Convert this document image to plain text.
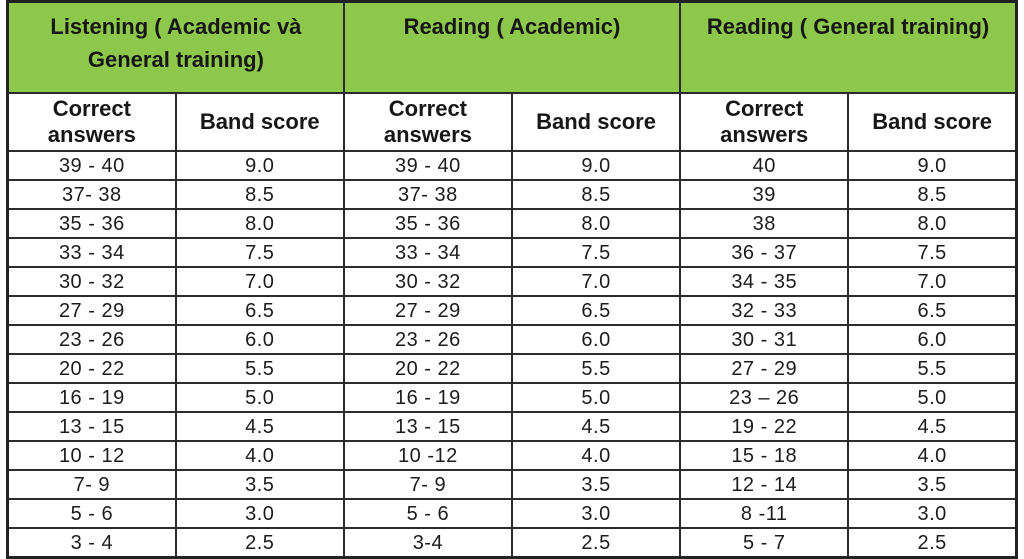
Listening ( Academic và General training)		Reading ( Academic)		Reading ( General training)	
Correct answers	Band score	Correct answers	Band score	Correct answers	Band score
39 - 40	9.0	39 - 40	9.0	40	9.0
37- 38	8.5	37- 38	8.5	39	8.5
35 - 36	8.0	35 - 36	8.0	38	8.0
33 - 34	7.5	33 - 34	7.5	36 - 37	7.5
30 - 32	7.0	30 - 32	7.0	34 - 35	7.0
27 - 29	6.5	27 - 29	6.5	32 - 33	6.5
23 - 26	6.0	23 - 26	6.0	30 - 31	6.0
20 - 22	5.5	20 - 22	5.5	27 - 29	5.5
16 - 19	5.0	16 - 19	5.0	23 – 26	5.0
13 - 15	4.5	13 - 15	4.5	19 - 22	4.5
10 - 12	4.0	10 -12	4.0	15 - 18	4.0
7- 9	3.5	7- 9	3.5	12 - 14	3.5
5 - 6	3.0	5 - 6	3.0	8 -11	3.0
3 - 4	2.5	3-4	2.5	5 - 7	2.5
